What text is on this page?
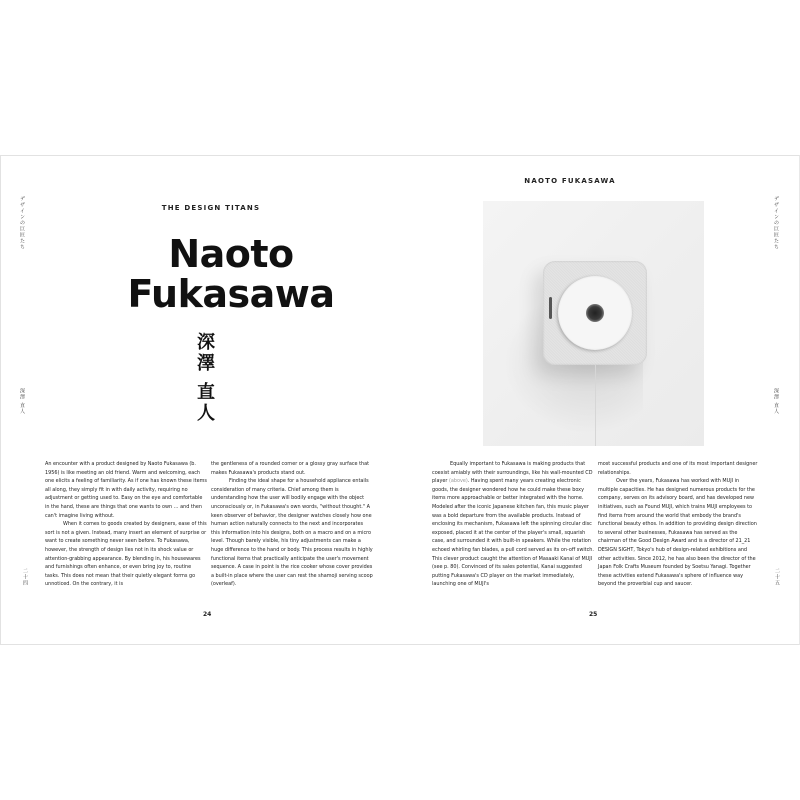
デザインの巨匠たち
深澤 直人
二十四
THE DESIGN TITANS
Naoto
Fukasawa
深
澤
直
人

An encounter with a product designed by Naoto Fukasawa (b. 1956) is like meeting an old friend. Warm and welcoming, each one elicits a feeling of familiarity. As if one has known these items all along, they simply fit in with daily activity, requiring no adjustment or getting used to. Easy on the eye and comfortable in the hand, these are things that one wants to own … and then can't imagine living without.

When it comes to goods created by designers, ease of this sort is not a given. Instead, many insert an element of surprise or want to create something never seen before. To Fukasawa, however, the strength of design lies not in its shock value or attention-grabbing appearance. By blending in, his housewares and furnishings often enhance, or even bring joy to, routine tasks. This does not mean that their quietly elegant forms go unnoticed. On the contrary, it is

the gentleness of a rounded corner or a glossy gray surface that makes Fukasawa's products stand out.

Finding the ideal shape for a household appliance entails consideration of many criteria. Chief among them is understanding how the user will bodily engage with the object unconsciously or, in Fukasawa's own words, "without thought." A keen observer of behavior, the designer watches closely how one human action naturally connects to the next and incorporates this information into his designs, both on a macro and on a micro level. Though barely visible, his tiny adjustments can make a huge difference to the hand or body. This process results in highly functional items that practically anticipate the user's movement sequence. A case in point is the rice cooker whose cover provides a built-in place where the user can rest the shamoji serving scoop (overleaf).

24
NAOTO FUKASAWA
デザインの巨匠たち
深澤 直人
二十五

Equally important to Fukasawa is making products that coexist amiably with their surroundings, like his wall-mounted CD player (above). Having spent many years creating electronic goods, the designer wondered how he could make these boxy items more approachable or better integrated with the home. Modeled after the iconic Japanese kitchen fan, this music player was a bold departure from the available products. Instead of enclosing its mechanism, Fukasawa left the spinning circular disc exposed, placed it at the center of the player's small, squarish case, and surrounded it with built-in speakers. While the rotation echoed whirling fan blades, a pull cord served as its on-off switch. This clever product caught the attention of Masaaki Kanai of MUJI (see p. 80). Convinced of its sales potential, Kanai suggested putting Fukasawa's CD player on the market immediately, launching one of MUJI's

most successful products and one of its most important designer relationships.

Over the years, Fukasawa has worked with MUJI in multiple capacities. He has designed numerous products for the company, serves on its advisory board, and has developed new initiatives, such as Found MUJI, which trains MUJI employees to find items from around the world that embody the brand's functional beauty ethos. In addition to providing design direction to several other businesses, Fukasawa has served as the chairman of the Good Design Award and is a director of 21_21 DESIGN SIGHT, Tokyo's hub of design-related exhibitions and other activities. Since 2012, he has also been the director of the Japan Folk Crafts Museum founded by Soetsu Yanagi. Together these activities extend Fukasawa's sphere of influence way beyond the proverbial cup and saucer.

25
